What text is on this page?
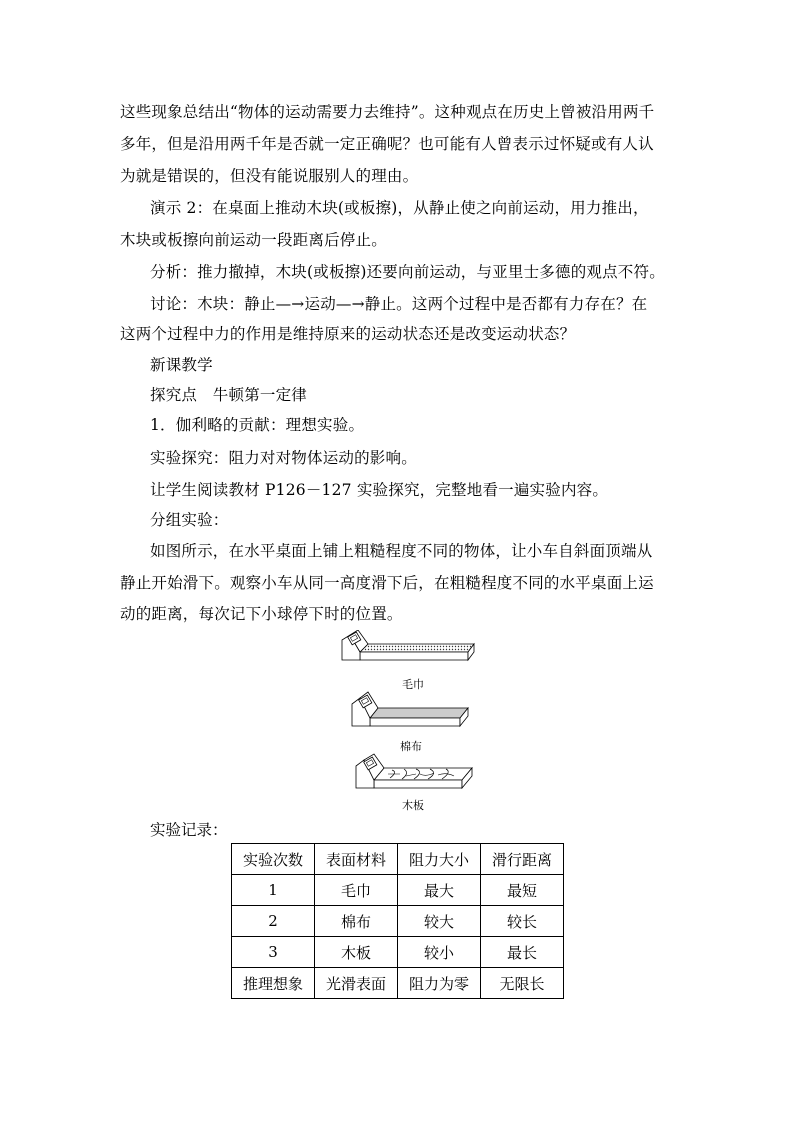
这些现象总结出“物体的运动需要力去维持”。这种观点在历史上曾被沿用两千
多年，但是沿用两千年是否就一定正确呢？也可能有人曾表示过怀疑或有人认
为就是错误的，但没有能说服别人的理由。
演示 2：在桌面上推动木块(或板擦)，从静止使之向前运动，用力推出，
木块或板擦向前运动一段距离后停止。
分析：推力撤掉，木块(或板擦)还要向前运动，与亚里士多德的观点不符。
讨论：木块：静止—→运动—→静止。这两个过程中是否都有力存在？在
这两个过程中力的作用是维持原来的运动状态还是改变运动状态？
新课教学
探究点　牛顿第一定律
1．伽利略的贡献：理想实验。
实验探究：阻力对对物体运动的影响。
让学生阅读教材 P126－127 实验探究，完整地看一遍实验内容。
分组实验：
如图所示，在水平桌面上铺上粗糙程度不同的物体，让小车自斜面顶端从
静止开始滑下。观察小车从同一高度滑下后，在粗糙程度不同的水平桌面上运
动的距离，每次记下小球停下时的位置。
毛巾
棉布
木板
实验记录：
实验次数	表面材料	阻力大小	滑行距离
1	毛巾	最大	最短
2	棉布	较大	较长
3	木板	较小	最长
推理想象	光滑表面	阻力为零	无限长
